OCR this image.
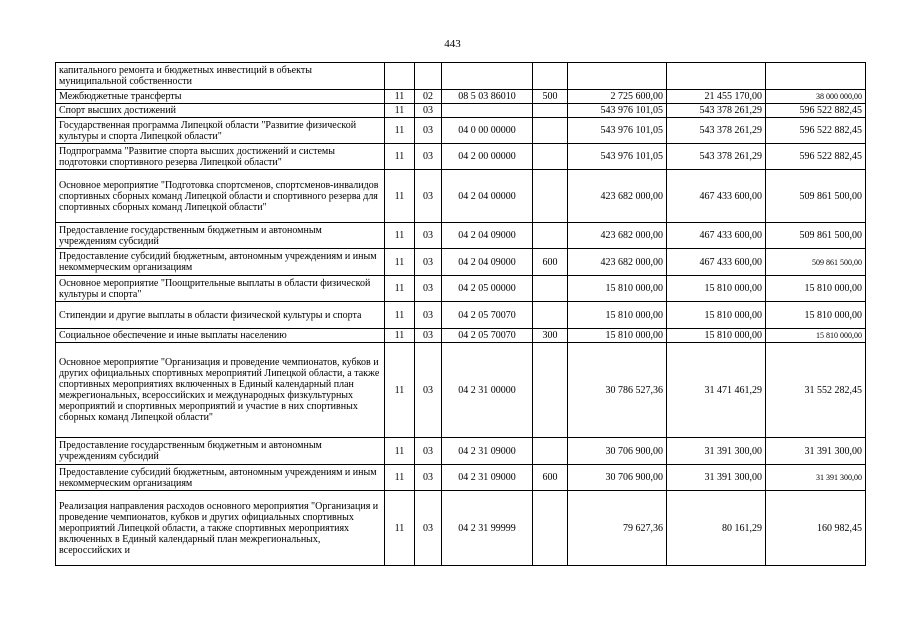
443
капитального ремонта и бюджетных инвестиций в объекты муниципальной собственности							
Межбюджетные трансферты	11	02	08 5 03 86010	500	2 725 600,00	21 455 170,00	38 000 000,00
Спорт высших достижений	11	03			543 976 101,05	543 378 261,29	596 522 882,45
Государственная программа Липецкой области "Развитие физической культуры и спорта Липецкой области"	11	03	04 0 00 00000		543 976 101,05	543 378 261,29	596 522 882,45
Подпрограмма "Развитие спорта высших достижений и системы подготовки спортивного резерва Липецкой области"	11	03	04 2 00 00000		543 976 101,05	543 378 261,29	596 522 882,45
Основное мероприятие "Подготовка спортсменов, спортсменов-инвалидов спортивных сборных команд Липецкой области и спортивного резерва для спортивных сборных команд Липецкой области"	11	03	04 2 04 00000		423 682 000,00	467 433 600,00	509 861 500,00
Предоставление государственным бюджетным и автономным учреждениям субсидий	11	03	04 2 04 09000		423 682 000,00	467 433 600,00	509 861 500,00
Предоставление субсидий бюджетным, автономным учреждениям и иным некоммерческим организациям	11	03	04 2 04 09000	600	423 682 000,00	467 433 600,00	509 861 500,00
Основное мероприятие "Поощрительные выплаты в области физической культуры и спорта"	11	03	04 2 05 00000		15 810 000,00	15 810 000,00	15 810 000,00
Стипендии и другие выплаты в области физической культуры и спорта	11	03	04 2 05 70070		15 810 000,00	15 810 000,00	15 810 000,00
Социальное обеспечение и иные выплаты населению	11	03	04 2 05 70070	300	15 810 000,00	15 810 000,00	15 810 000,00
Основное мероприятие "Организация и проведение чемпионатов, кубков и других официальных спортивных мероприятий Липецкой области, а также спортивных мероприятиях включенных в Единый календарный план межрегиональных, всероссийских и международных физкультурных мероприятий и спортивных мероприятий и участие в них спортивных сборных команд Липецкой области"	11	03	04 2 31 00000		30 786 527,36	31 471 461,29	31 552 282,45
Предоставление государственным бюджетным и автономным учреждениям субсидий	11	03	04 2 31 09000		30 706 900,00	31 391 300,00	31 391 300,00
Предоставление субсидий бюджетным, автономным учреждениям и иным некоммерческим организациям	11	03	04 2 31 09000	600	30 706 900,00	31 391 300,00	31 391 300,00
Реализация направления расходов основного мероприятия "Организация и проведение чемпионатов, кубков и других официальных спортивных мероприятий Липецкой области, а также спортивных мероприятиях включенных в Единый календарный план межрегиональных, всероссийских и	11	03	04 2 31 99999		79 627,36	80 161,29	160 982,45
